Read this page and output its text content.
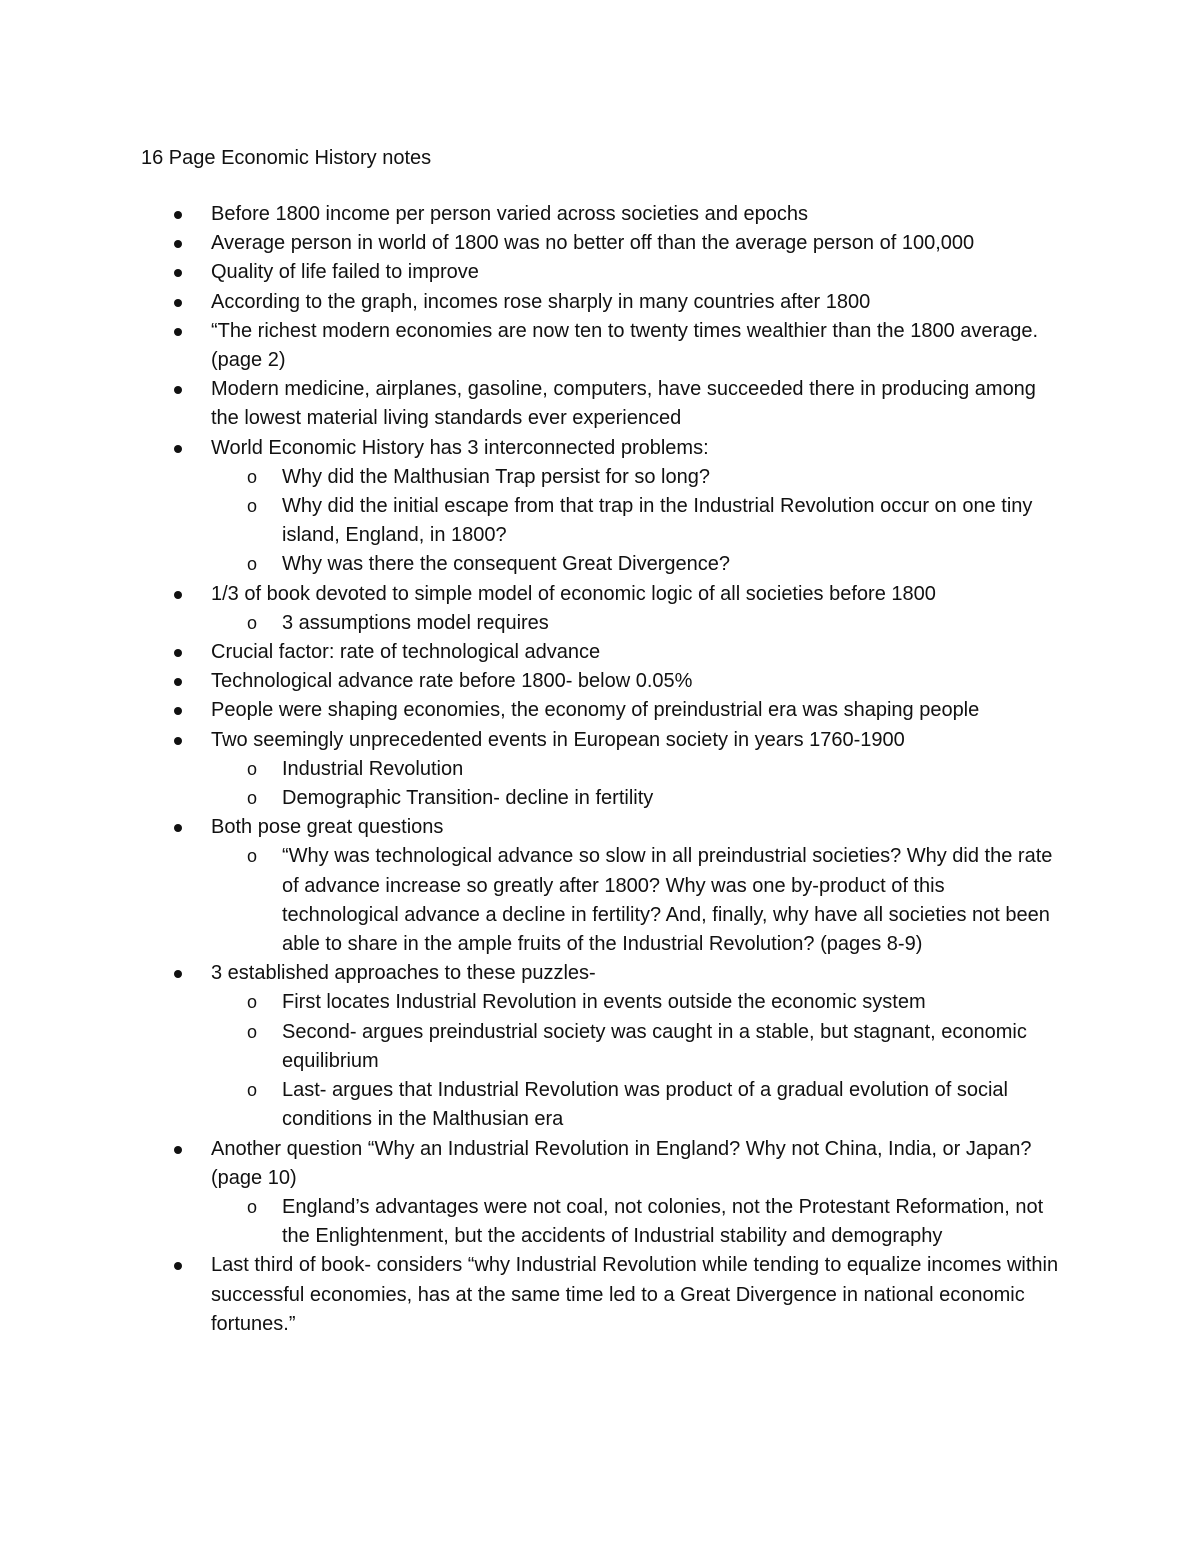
16 Page Economic History notes
Before 1800 income per person varied across societies and epochs
Average person in world of 1800 was no better off than the average person of 100,000
Quality of life failed to improve
According to the graph, incomes rose sharply in many countries after 1800
“The richest modern economies are now ten to twenty times wealthier than the 1800 average. (page 2)
Modern medicine, airplanes, gasoline, computers, have succeeded there in producing among the lowest material living standards ever experienced
World Economic History has 3 interconnected problems:
o Why did the Malthusian Trap persist for so long?
o Why did the initial escape from that trap in the Industrial Revolution occur on one tiny island, England, in 1800?
o Why was there the consequent Great Divergence?
1/3 of book devoted to simple model of economic logic of all societies before 1800
o 3 assumptions model requires
Crucial factor: rate of technological advance
Technological advance rate before 1800- below 0.05%
People were shaping economies, the economy of preindustrial era was shaping people
Two seemingly unprecedented events in European society in years 1760-1900
o Industrial Revolution
o Demographic Transition- decline in fertility
Both pose great questions
o “Why was technological advance so slow in all preindustrial societies? Why did the rate of advance increase so greatly after 1800? Why was one by-product of this technological advance a decline in fertility? And, finally, why have all societies not been able to share in the ample fruits of the Industrial Revolution? (pages 8-9)
3 established approaches to these puzzles-
o First locates Industrial Revolution in events outside the economic system
o Second- argues preindustrial society was caught in a stable, but stagnant, economic equilibrium
o Last- argues that Industrial Revolution was product of a gradual evolution of social conditions in the Malthusian era
Another question “Why an Industrial Revolution in England? Why not China, India, or Japan? (page 10)
o England’s advantages were not coal, not colonies, not the Protestant Reformation, not the Enlightenment, but the accidents of Industrial stability and demography
Last third of book- considers “why Industrial Revolution while tending to equalize incomes within successful economies, has at the same time led to a Great Divergence in national economic fortunes.”
